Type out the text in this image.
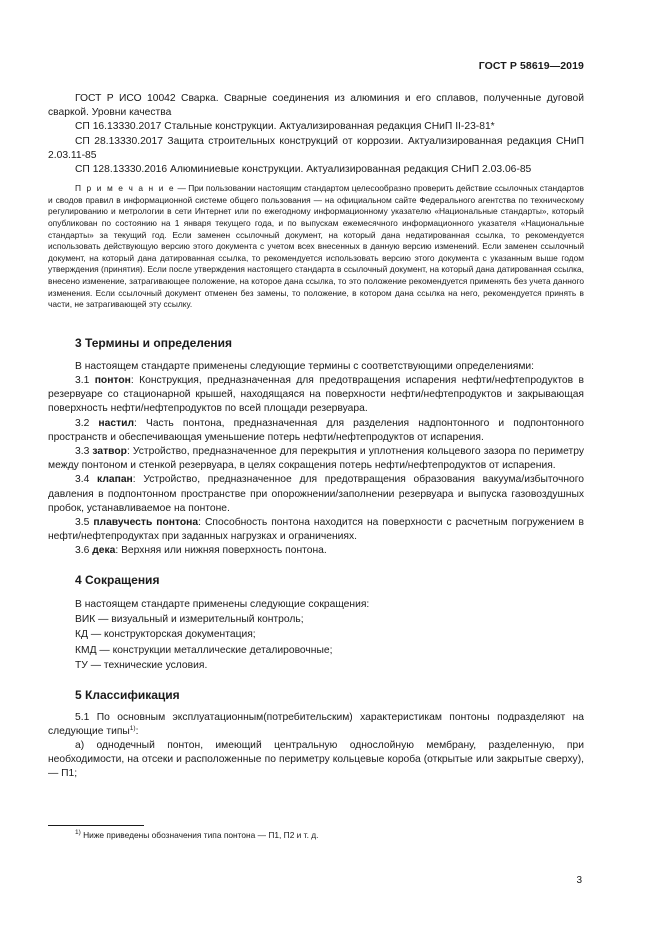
ГОСТ Р 58619—2019

ГОСТ Р ИСО 10042 Сварка. Сварные соединения из алюминия и его сплавов, полученные дуговой сваркой. Уровни качества

СП 16.13330.2017 Стальные конструкции. Актуализированная редакция СНиП II-23-81*

СП 28.13330.2017 Защита строительных конструкций от коррозии. Актуализированная редакция СНиП 2.03.11-85

СП 128.13330.2016 Алюминиевые конструкции. Актуализированная редакция СНиП 2.03.06-85

П р и м е ч а н и е — При пользовании настоящим стандартом целесообразно проверить действие ссылочных стандартов и сводов правил в информационной системе общего пользования — на официальном сайте Федерального агентства по техническому регулированию и метрологии в сети Интернет или по ежегодному информационному указателю «Национальные стандарты», который опубликован по состоянию на 1 января текущего года, и по выпускам ежемесячного информационного указателя «Национальные стандарты» за текущий год. Если заменен ссылочный документ, на который дана недатированная ссылка, то рекомендуется использовать действующую версию этого документа с учетом всех внесенных в данную версию изменений. Если заменен ссылочный документ, на который дана датированная ссылка, то рекомендуется использовать версию этого документа с указанным выше годом утверждения (принятия). Если после утверждения настоящего стандарта в ссылочный документ, на который дана датированная ссылка, внесено изменение, затрагивающее положение, на которое дана ссылка, то это положение рекомендуется применять без учета данного изменения. Если ссылочный документ отменен без замены, то положение, в котором дана ссылка на него, рекомендуется принять в части, не затрагивающей эту ссылку.

3 Термины и определения

В настоящем стандарте применены следующие термины с соответствующими определениями:

3.1 понтон: Конструкция, предназначенная для предотвращения испарения нефти/нефтепродуктов в резервуаре со стационарной крышей, находящаяся на поверхности нефти/нефтепродуктов и закрывающая поверхность нефти/нефтепродуктов по всей площади резервуара.

3.2 настил: Часть понтона, предназначенная для разделения надпонтонного и подпонтонного пространств и обеспечивающая уменьшение потерь нефти/нефтепродуктов от испарения.

3.3 затвор: Устройство, предназначенное для перекрытия и уплотнения кольцевого зазора по периметру между понтоном и стенкой резервуара, в целях сокращения потерь нефти/нефтепродуктов от испарения.

3.4 клапан: Устройство, предназначенное для предотвращения образования вакуума/избыточного давления в подпонтонном пространстве при опорожнении/заполнении резервуара и выпуска газовоздушных пробок, устанавливаемое на понтоне.

3.5 плавучесть понтона: Способность понтона находится на поверхности с расчетным погружением в нефти/нефтепродуктах при заданных нагрузках и ограничениях.

3.6 дека: Верхняя или нижняя поверхность понтона.

4 Сокращения

В настоящем стандарте применены следующие сокращения:

ВИК — визуальный и измерительный контроль;

КД — конструкторская документация;

КМД — конструкции металлические деталировочные;

ТУ — технические условия.

5 Классификация

5.1 По основным эксплуатационным(потребительским) характеристикам понтоны подразделяют на следующие типы$^{1)}$:

а) однодечный понтон, имеющий центральную однослойную мембрану, разделенную, при необходимости, на отсеки и расположенные по периметру кольцевые короба (открытые или закрытые сверху), — П1;

$^{1)}$ Ниже приведены обозначения типа понтона — П1, П2 и т. д.
3
